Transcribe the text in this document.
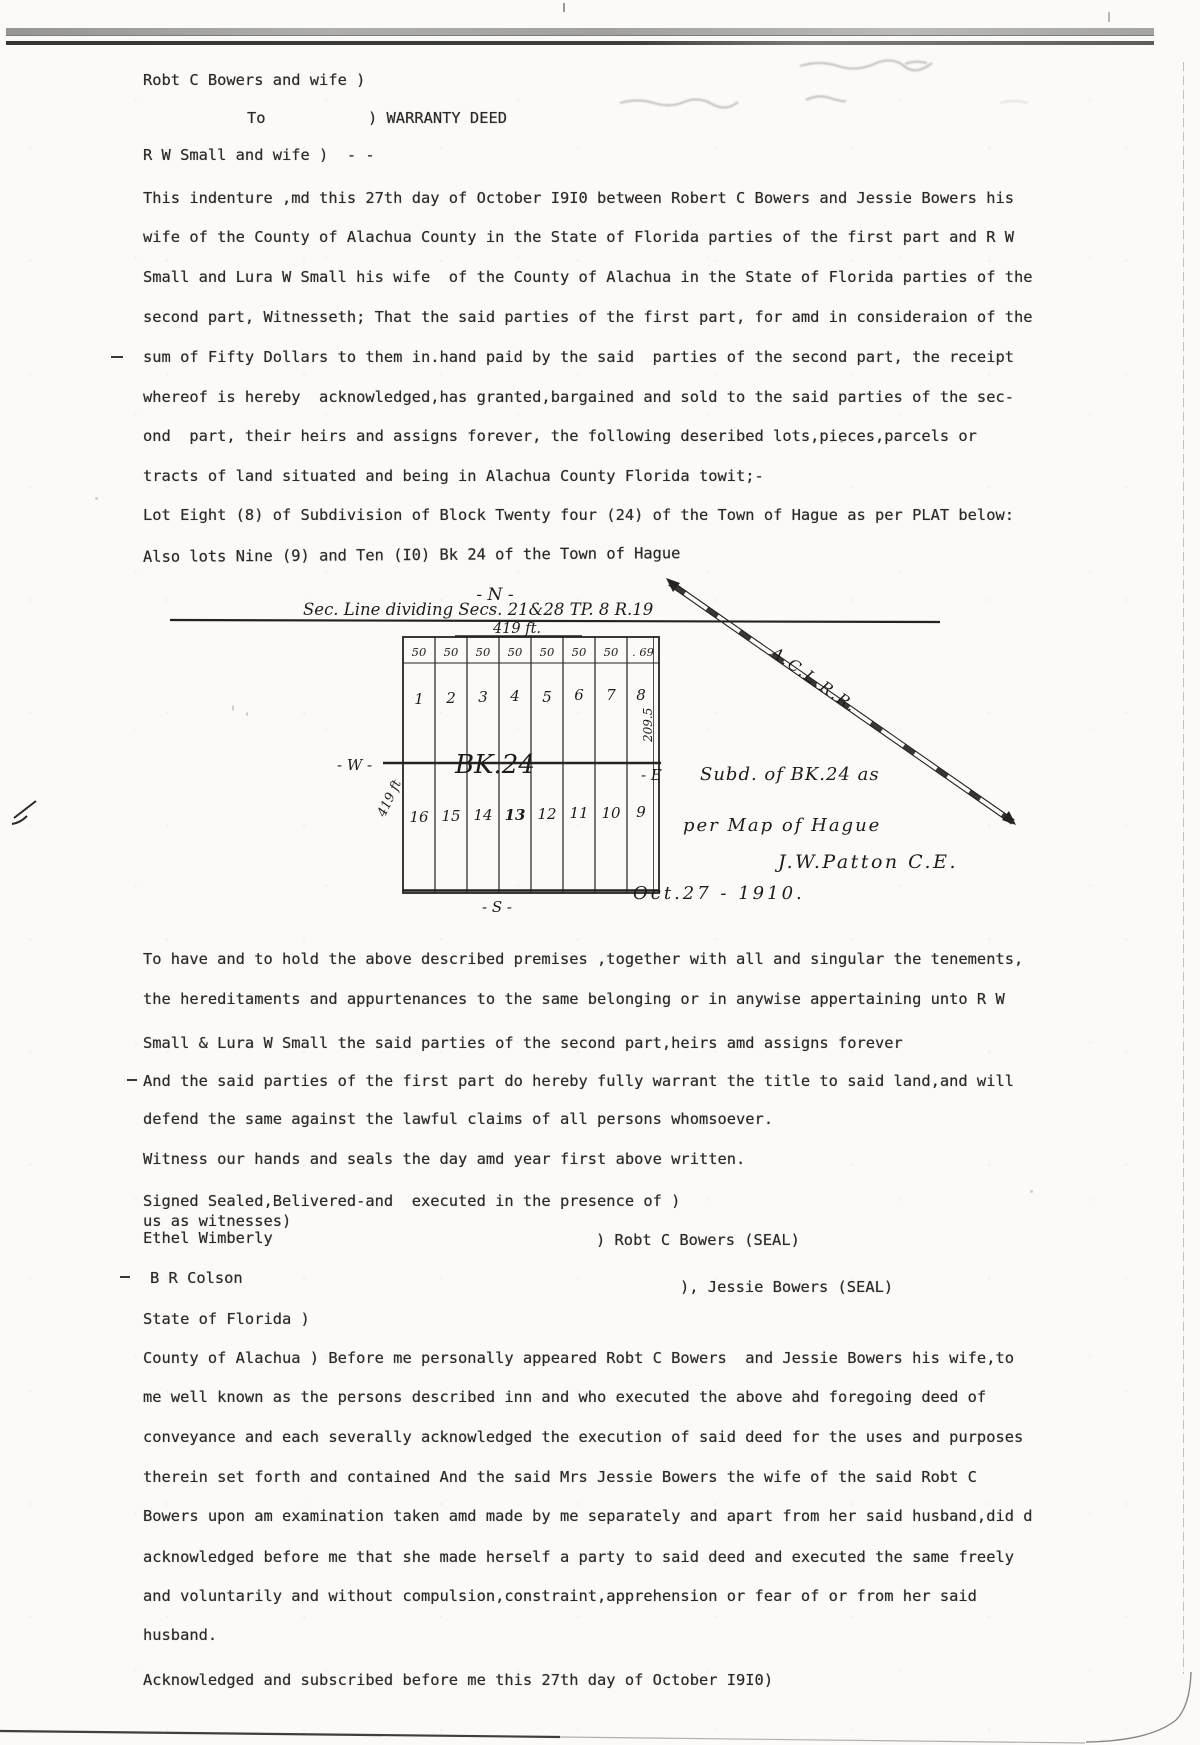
Robt C Bowers and wife )
To	) WARRANTY DEED
R W Small and wife )  - -
This indenture ,md this 27th day of October I9I0 between Robert C Bowers and Jessie Bowers his
wife of the County of Alachua County in the State of Florida parties of the first part and R W
Small and Lura W Small his wife  of the County of Alachua in the State of Florida parties of the
second part, Witnesseth; That the said parties of the first part, for amd in consideraion of the
sum of Fifty Dollars to them in.hand paid by the said  parties of the second part, the receipt
whereof is hereby  acknowledged,has granted,bargained and sold to the said parties of the sec-
ond  part, their heirs and assigns forever, the following deseribed lots,pieces,parcels or
tracts of land situated and being in Alachua County Florida towit;-
Lot Eight (8) of Subdivision of Block Twenty four (24) of the Town of Hague as per PLAT below:
Also lots Nine (9) and Ten (I0) Bk 24 of the Town of Hague
- N -
Sec. Line dividing Secs. 21&28 TP. 8 R.19
419 ft.
50 50 50 50 50 50 50 . 69
1 2 3 4 5 6 7 8
16 15 14 13 12 11 10 9
209.5
BK.24
- W -
419 ft
- E Subd. of BK.24 as
per Map of Hague
J.W.Patton C.E.
Oct.27 - 1910.
- S -
A.C.L.R.R.
To have and to hold the above described premises ,together with all and singular the tenements,
the hereditaments and appurtenances to the same belonging or in anywise appertaining unto R W
Small & Lura W Small the said parties of the second part,heirs amd assigns forever
And the said parties of the first part do hereby fully warrant the title to said land,and will
defend the same against the lawful claims of all persons whomsoever.
Witness our hands and seals the day amd year first above written.
Signed Sealed,Belivered-and  executed in the presence of )
us as witnesses)
Ethel Wimberly	) Robt C Bowers (SEAL)
B R Colson	), Jessie Bowers (SEAL)
State of Florida )
County of Alachua ) Before me personally appeared Robt C Bowers  and Jessie Bowers his wife,to
me well known as the persons described inn and who executed the above ahd foregoing deed of
conveyance and each severally acknowledged the execution of said deed for the uses and purposes
therein set forth and contained And the said Mrs Jessie Bowers the wife of the said Robt C
Bowers upon am examination taken amd made by me separately and apart from her said husband,did d
acknowledged before me that she made herself a party to said deed and executed the same freely
and voluntarily and without compulsion,constraint,apprehension or fear of or from her said
husband.
Acknowledged and subscribed before me this 27th day of October I9I0)
